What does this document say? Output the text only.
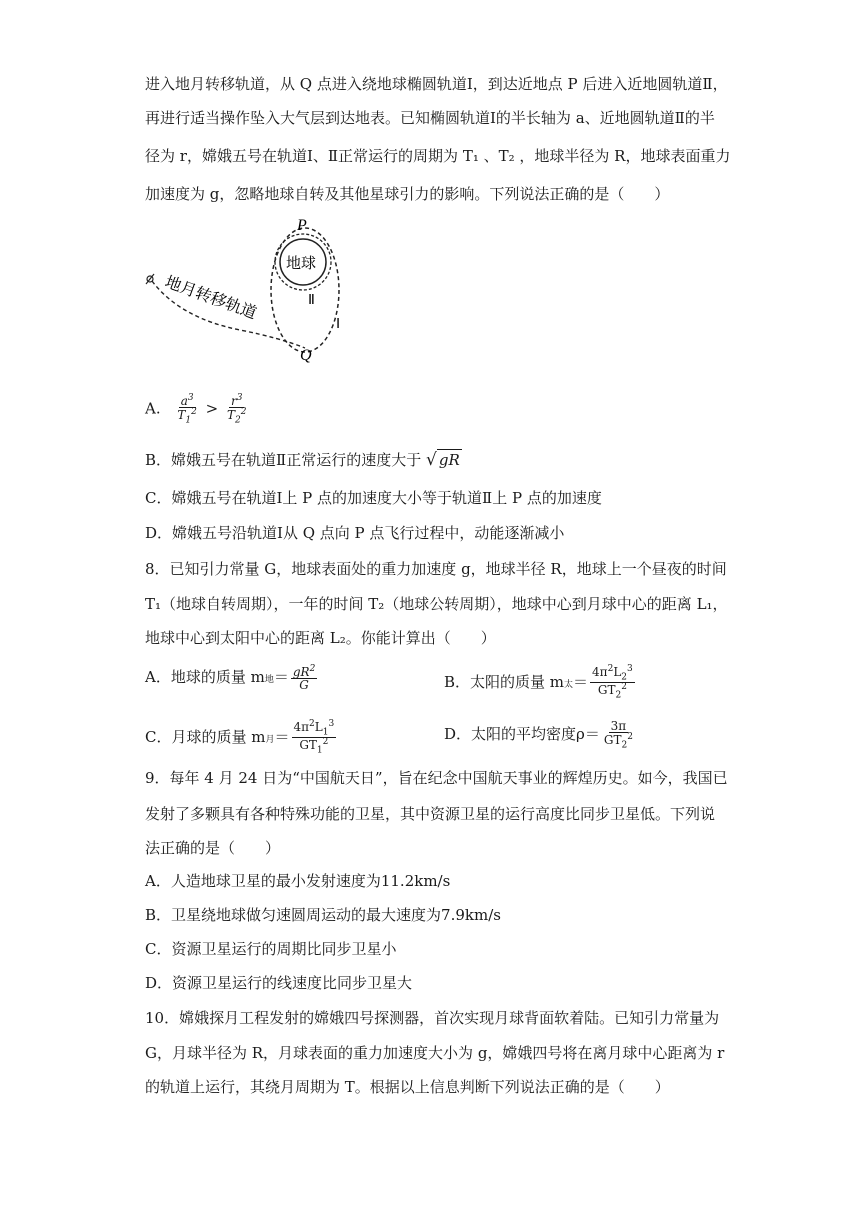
进入地月转移轨道，从 Q 点进入绕地球椭圆轨道Ⅰ，到达近地点 P 后进入近地圆轨道Ⅱ，
再进行适当操作坠入大气层到达地表。已知椭圆轨道Ⅰ的半长轴为 a、近地圆轨道Ⅱ的半
径为 r，嫦娥五号在轨道Ⅰ、Ⅱ正常运行的周期为 T₁ 、T₂ ，地球半径为 R，地球表面重力
加速度为 g，忽略地球自转及其他星球引力的影响。下列说法正确的是（　　）
P
地球
Ⅱ
Ⅰ
Q
地月转移轨道
A. $\frac{a^3}{T_1^2} > \frac{r^3}{T_2^2}$
B．嫦娥五号在轨道Ⅱ正常运行的速度大于 √ gR
C．嫦娥五号在轨道Ⅰ上 P 点的加速度大小等于轨道Ⅱ上 P 点的加速度
D．嫦娥五号沿轨道Ⅰ从 Q 点向 P 点飞行过程中，动能逐渐减小
8．已知引力常量 G，地球表面处的重力加速度 g，地球半径 R，地球上一个昼夜的时间
T₁（地球自转周期），一年的时间 T₂（地球公转周期），地球中心到月球中心的距离 L₁，
地球中心到太阳中心的距离 L₂。你能计算出（　　）
A．地球的质量 m地＝ $\frac{gR^2}{G}$	B．太阳的质量 m太＝ $\frac{4\pi^2L_2^3}{GT_2^2}$
C．月球的质量 m月＝ $\frac{4\pi^2L_1^3}{GT_1^2}$	D．太阳的平均密度$\rho= \frac{3\pi}{GT_2^2}$
9．每年 4 月 24 日为“中国航天日”，旨在纪念中国航天事业的辉煌历史。如今，我国已
发射了多颗具有各种特殊功能的卫星，其中资源卫星的运行高度比同步卫星低。下列说
法正确的是（　　）
A．人造地球卫星的最小发射速度为11.2km/s
B．卫星绕地球做匀速圆周运动的最大速度为7.9km/s
C．资源卫星运行的周期比同步卫星小
D．资源卫星运行的线速度比同步卫星大
10．嫦娥探月工程发射的嫦娥四号探测器，首次实现月球背面软着陆。已知引力常量为
G，月球半径为 R，月球表面的重力加速度大小为 g，嫦娥四号将在离月球中心距离为 r
的轨道上运行，其绕月周期为 T。根据以上信息判断下列说法正确的是（　　）
